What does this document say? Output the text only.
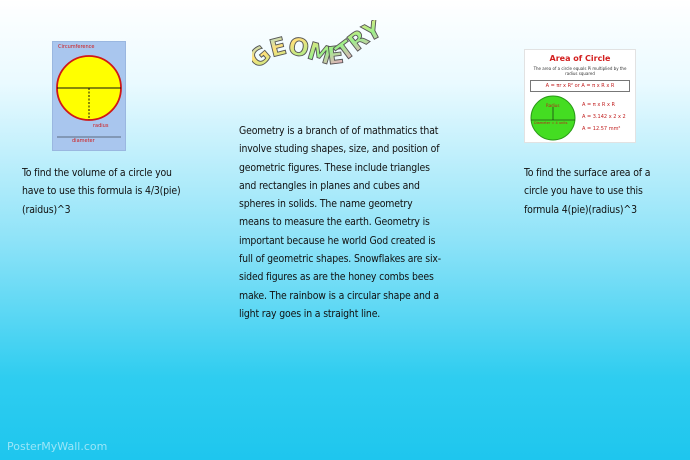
Circumference
radius
diameter
EOMETRY
Area of Circle
The area of a circle equals Pi multiplied by the radius squared
A = πr x R² or A = π x R x R
Radius
Diameter = 4 units
A = π x R x R
A = 3.142 x 2 x 2
A = 12.57 mm²
To find the volume of a circle you have to use this formula is 4/3(pie)(raidus)^3
Geometry is a branch of of mathmatics that involve studing shapes, size, and position of geometric figures. These include triangles and rectangles in planes and cubes and spheres in solids. The name geometry means to measure the earth. Geometry is important because he world God created is full of geometric shapes. Snowflakes are six-sided figures as are the honey combs bees make. The rainbow is a circular shape and a light ray goes in a straight line.
To find the surface area of a circle you have to use this formula 4(pie)(radius)^3
PosterMyWall.com
